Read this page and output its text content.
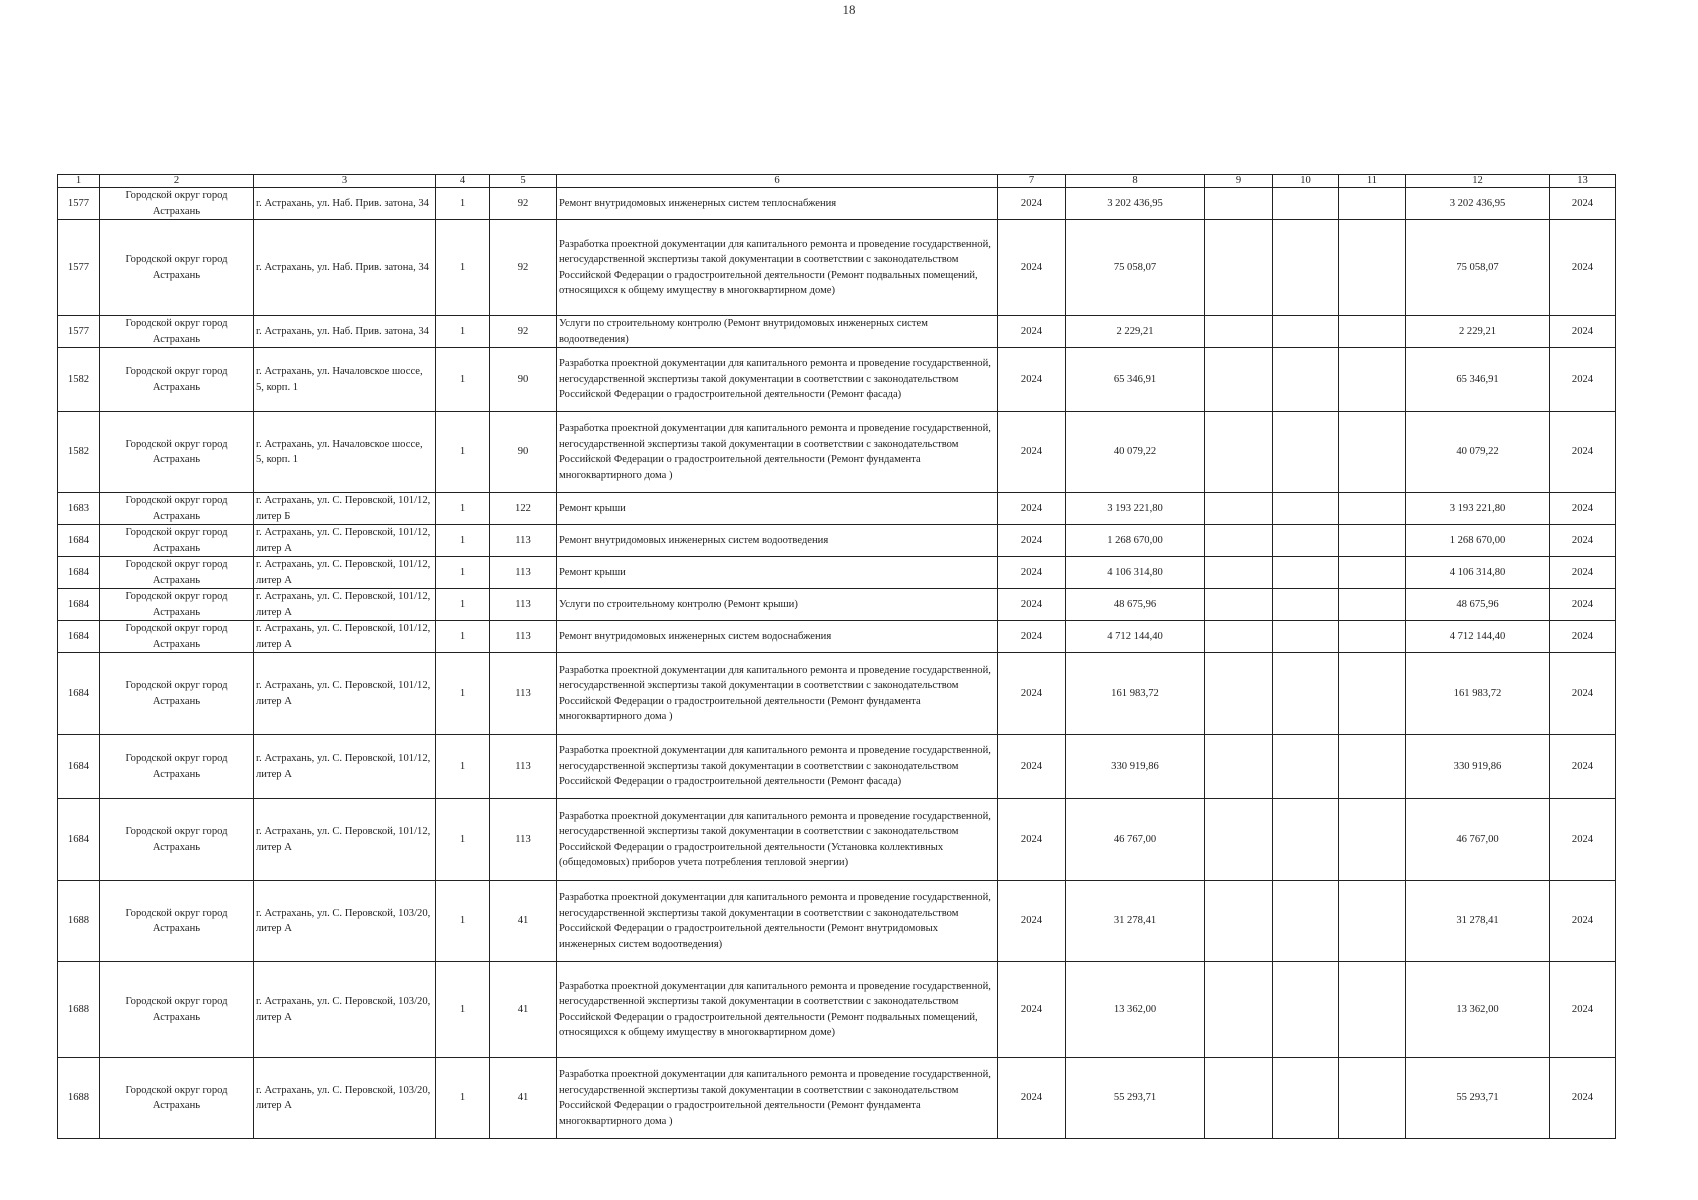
18
1	2	3	4	5	6	7	8	9	10	11	12	13
1577	Городской округ город Астрахань	г. Астрахань, ул. Наб. Прив. затона, 34	1	92	Ремонт внутридомовых инженерных систем теплоснабжения	2024	3 202 436,95				3 202 436,95	2024
1577	Городской округ город Астрахань	г. Астрахань, ул. Наб. Прив. затона, 34	1	92	Разработка проектной документации для капитального ремонта и проведение государственной, негосударственной экспертизы такой документации в соответствии с законодательством Российской Федерации о градостроительной деятельности (Ремонт подвальных помещений, относящихся к общему имуществу в многоквартирном доме)	2024	75 058,07				75 058,07	2024
1577	Городской округ город Астрахань	г. Астрахань, ул. Наб. Прив. затона, 34	1	92	Услуги по строительному контролю (Ремонт внутридомовых инженерных систем водоотведения)	2024	2 229,21				2 229,21	2024
1582	Городской округ город Астрахань	г. Астрахань, ул. Началовское шоссе, 5, корп. 1	1	90	Разработка проектной документации для капитального ремонта и проведение государственной, негосударственной экспертизы такой документации в соответствии с законодательством Российской Федерации о градостроительной деятельности (Ремонт фасада)	2024	65 346,91				65 346,91	2024
1582	Городской округ город Астрахань	г. Астрахань, ул. Началовское шоссе, 5, корп. 1	1	90	Разработка проектной документации для капитального ремонта и проведение государственной, негосударственной экспертизы такой документации в соответствии с законодательством Российской Федерации о градостроительной деятельности (Ремонт фундамента многоквартирного дома )	2024	40 079,22				40 079,22	2024
1683	Городской округ город Астрахань	г. Астрахань, ул. С. Перовской, 101/12, литер Б	1	122	Ремонт крыши	2024	3 193 221,80				3 193 221,80	2024
1684	Городской округ город Астрахань	г. Астрахань, ул. С. Перовской, 101/12, литер А	1	113	Ремонт внутридомовых инженерных систем водоотведения	2024	1 268 670,00				1 268 670,00	2024
1684	Городской округ город Астрахань	г. Астрахань, ул. С. Перовской, 101/12, литер А	1	113	Ремонт крыши	2024	4 106 314,80				4 106 314,80	2024
1684	Городской округ город Астрахань	г. Астрахань, ул. С. Перовской, 101/12, литер А	1	113	Услуги по строительному контролю (Ремонт крыши)	2024	48 675,96				48 675,96	2024
1684	Городской округ город Астрахань	г. Астрахань, ул. С. Перовской, 101/12, литер А	1	113	Ремонт внутридомовых инженерных систем водоснабжения	2024	4 712 144,40				4 712 144,40	2024
1684	Городской округ город Астрахань	г. Астрахань, ул. С. Перовской, 101/12, литер А	1	113	Разработка проектной документации для капитального ремонта и проведение государственной, негосударственной экспертизы такой документации в соответствии с законодательством Российской Федерации о градостроительной деятельности (Ремонт фундамента многоквартирного дома )	2024	161 983,72				161 983,72	2024
1684	Городской округ город Астрахань	г. Астрахань, ул. С. Перовской, 101/12, литер А	1	113	Разработка проектной документации для капитального ремонта и проведение государственной, негосударственной экспертизы такой документации в соответствии с законодательством Российской Федерации о градостроительной деятельности (Ремонт фасада)	2024	330 919,86				330 919,86	2024
1684	Городской округ город Астрахань	г. Астрахань, ул. С. Перовской, 101/12, литер А	1	113	Разработка проектной документации для капитального ремонта и проведение государственной, негосударственной экспертизы такой документации в соответствии с законодательством Российской Федерации о градостроительной деятельности (Установка коллективных (общедомовых) приборов учета потребления тепловой энергии)	2024	46 767,00				46 767,00	2024
1688	Городской округ город Астрахань	г. Астрахань, ул. С. Перовской, 103/20, литер А	1	41	Разработка проектной документации для капитального ремонта и проведение государственной, негосударственной экспертизы такой документации в соответствии с законодательством Российской Федерации о градостроительной деятельности (Ремонт внутридомовых инженерных систем водоотведения)	2024	31 278,41				31 278,41	2024
1688	Городской округ город Астрахань	г. Астрахань, ул. С. Перовской, 103/20, литер А	1	41	Разработка проектной документации для капитального ремонта и проведение государственной, негосударственной экспертизы такой документации в соответствии с законодательством Российской Федерации о градостроительной деятельности (Ремонт подвальных помещений, относящихся к общему имуществу в многоквартирном доме)	2024	13 362,00				13 362,00	2024
1688	Городской округ город Астрахань	г. Астрахань, ул. С. Перовской, 103/20, литер А	1	41	Разработка проектной документации для капитального ремонта и проведение государственной, негосударственной экспертизы такой документации в соответствии с законодательством Российской Федерации о градостроительной деятельности (Ремонт фундамента многоквартирного дома )	2024	55 293,71				55 293,71	2024
